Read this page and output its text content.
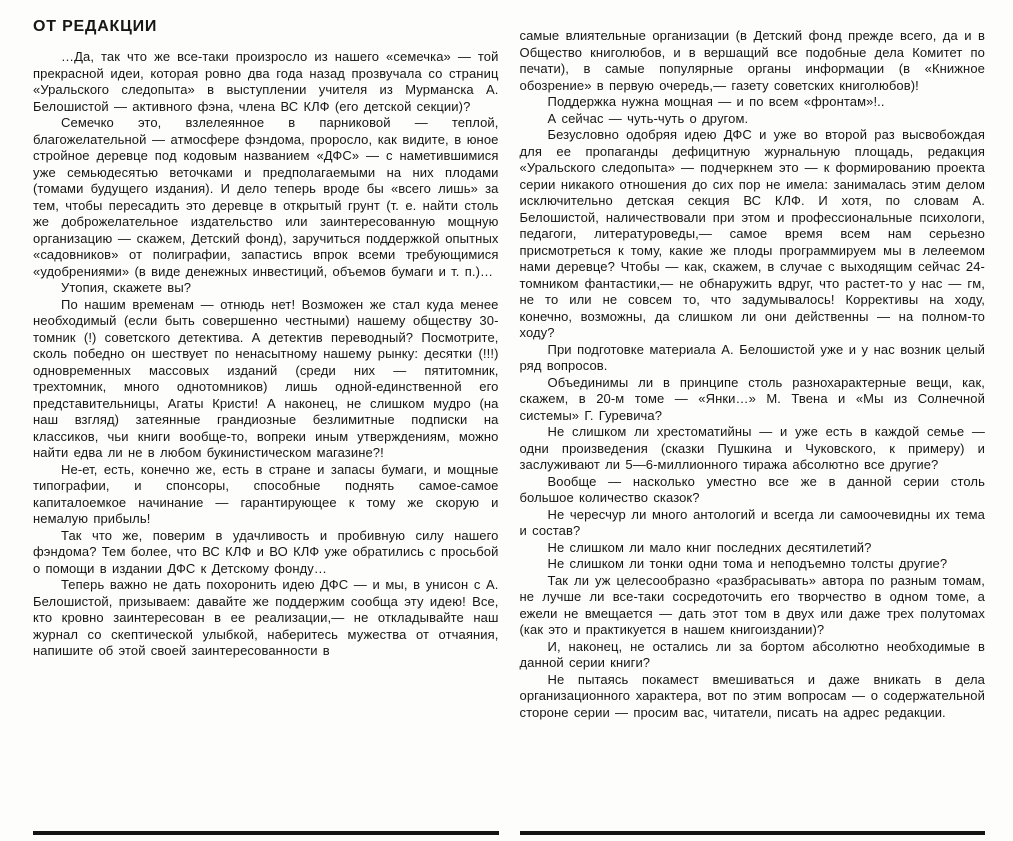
ОТ РЕДАКЦИИ

…Да, так что же все-таки произросло из нашего «семечка» — той прекрасной идеи, которая ровно два года назад прозвучала со страниц «Уральского следопыта» в выступлении учителя из Мурманска А. Белошистой — активного фэна, члена ВС КЛФ (его детской секции)?

Семечко это, взлелеянное в парниковой — теплой, благожелательной — атмосфере фэндома, проросло, как видите, в юное стройное деревце под кодовым названием «ДФС» — с наметившимися уже семьюдесятью веточками и предполагаемыми на них плодами (томами будущего издания). И дело теперь вроде бы «всего лишь» за тем, чтобы пересадить это деревце в открытый грунт (т. е. найти столь же доброжелательное издательство или заинтересованную мощную организацию — скажем, Детский фонд), заручиться поддержкой опытных «садовников» от полиграфии, запастись впрок всеми требующимися «удобрениями» (в виде денежных инвестиций, объемов бумаги и т. п.)…

Утопия, скажете вы?

По нашим временам — отнюдь нет! Возможен же стал куда менее необходимый (если быть совершенно честными) нашему обществу 30-томник (!) советского детектива. А детектив переводный? Посмотрите, сколь победно он шествует по ненасытному нашему рынку: десятки (!!!) одновременных массовых изданий (среди них — пятитомник, трехтомник, много однотомников) лишь одной-единственной его представительницы, Агаты Кристи! А наконец, не слишком мудро (на наш взгляд) затеянные грандиозные безлимитные подписки на классиков, чьи книги вообще-то, вопреки иным утверждениям, можно найти едва ли не в любом букинистическом магазине?!

Не-ет, есть, конечно же, есть в стране и запасы бумаги, и мощные типографии, и спонсоры, способные поднять самое-самое капиталоемкое начинание — гарантирующее к тому же скорую и немалую прибыль!

Так что же, поверим в удачливость и пробивную силу нашего фэндома? Тем более, что ВС КЛФ и ВО КЛФ уже обратились с просьбой о помощи в издании ДФС к Детскому фонду…

Теперь важно не дать похоронить идею ДФС — и мы, в унисон с А. Белошистой, призываем: давайте же поддержим сообща эту идею! Все, кто кровно заинтересован в ее реализации,— не откладывайте наш журнал со скептической улыбкой, наберитесь мужества от отчаяния, напишите об этой своей заинтересованности в

самые влиятельные организации (в Детский фонд прежде всего, да и в Общество книголюбов, и в вершащий все подобные дела Комитет по печати), в самые популярные органы информации (в «Книжное обозрение» в первую очередь,— газету советских книголюбов)!

Поддержка нужна мощная — и по всем «фронтам»!..

А сейчас — чуть-чуть о другом.

Безусловно одобряя идею ДФС и уже во второй раз высвобождая для ее пропаганды дефицитную журнальную площадь, редакция «Уральского следопыта» — подчеркнем это — к формированию проекта серии никакого отношения до сих пор не имела: занималась этим делом исключительно детская секция ВС КЛФ. И хотя, по словам А. Белошистой, наличествовали при этом и профессиональные психологи, педагоги, литературоведы,— самое время всем нам серьезно присмотреться к тому, какие же плоды программируем мы в лелеемом нами деревце? Чтобы — как, скажем, в случае с выходящим сейчас 24-томником фантастики,— не обнаружить вдруг, что растет-то у нас — гм, не то или не совсем то, что задумывалось! Коррективы на ходу, конечно, возможны, да слишком ли они действенны — на полном-то ходу?

При подготовке материала А. Белошистой уже и у нас возник целый ряд вопросов.

Объединимы ли в принципе столь разнохарактерные вещи, как, скажем, в 20-м томе — «Янки…» М. Твена и «Мы из Солнечной системы» Г. Гуревича?

Не слишком ли хрестоматийны — и уже есть в каждой семье — одни произведения (сказки Пушкина и Чуковского, к примеру) и заслуживают ли 5—6-миллионного тиража абсолютно все другие?

Вообще — насколько уместно все же в данной серии столь большое количество сказок?

Не чересчур ли много антологий и всегда ли самоочевидны их тема и состав?

Не слишком ли мало книг последних десятилетий?

Не слишком ли тонки одни тома и неподъемно толсты другие?

Так ли уж целесообразно «разбрасывать» автора по разным томам, не лучше ли все-таки сосредоточить его творчество в одном томе, а ежели не вмещается — дать этот том в двух или даже трех полутомах (как это и практикуется в нашем книгоиздании)?

И, наконец, не остались ли за бортом абсолютно необходимые в данной серии книги?

Не пытаясь покамест вмешиваться и даже вникать в дела организационного характера, вот по этим вопросам — о содержательной стороне серии — просим вас, читатели, писать на адрес редакции.
